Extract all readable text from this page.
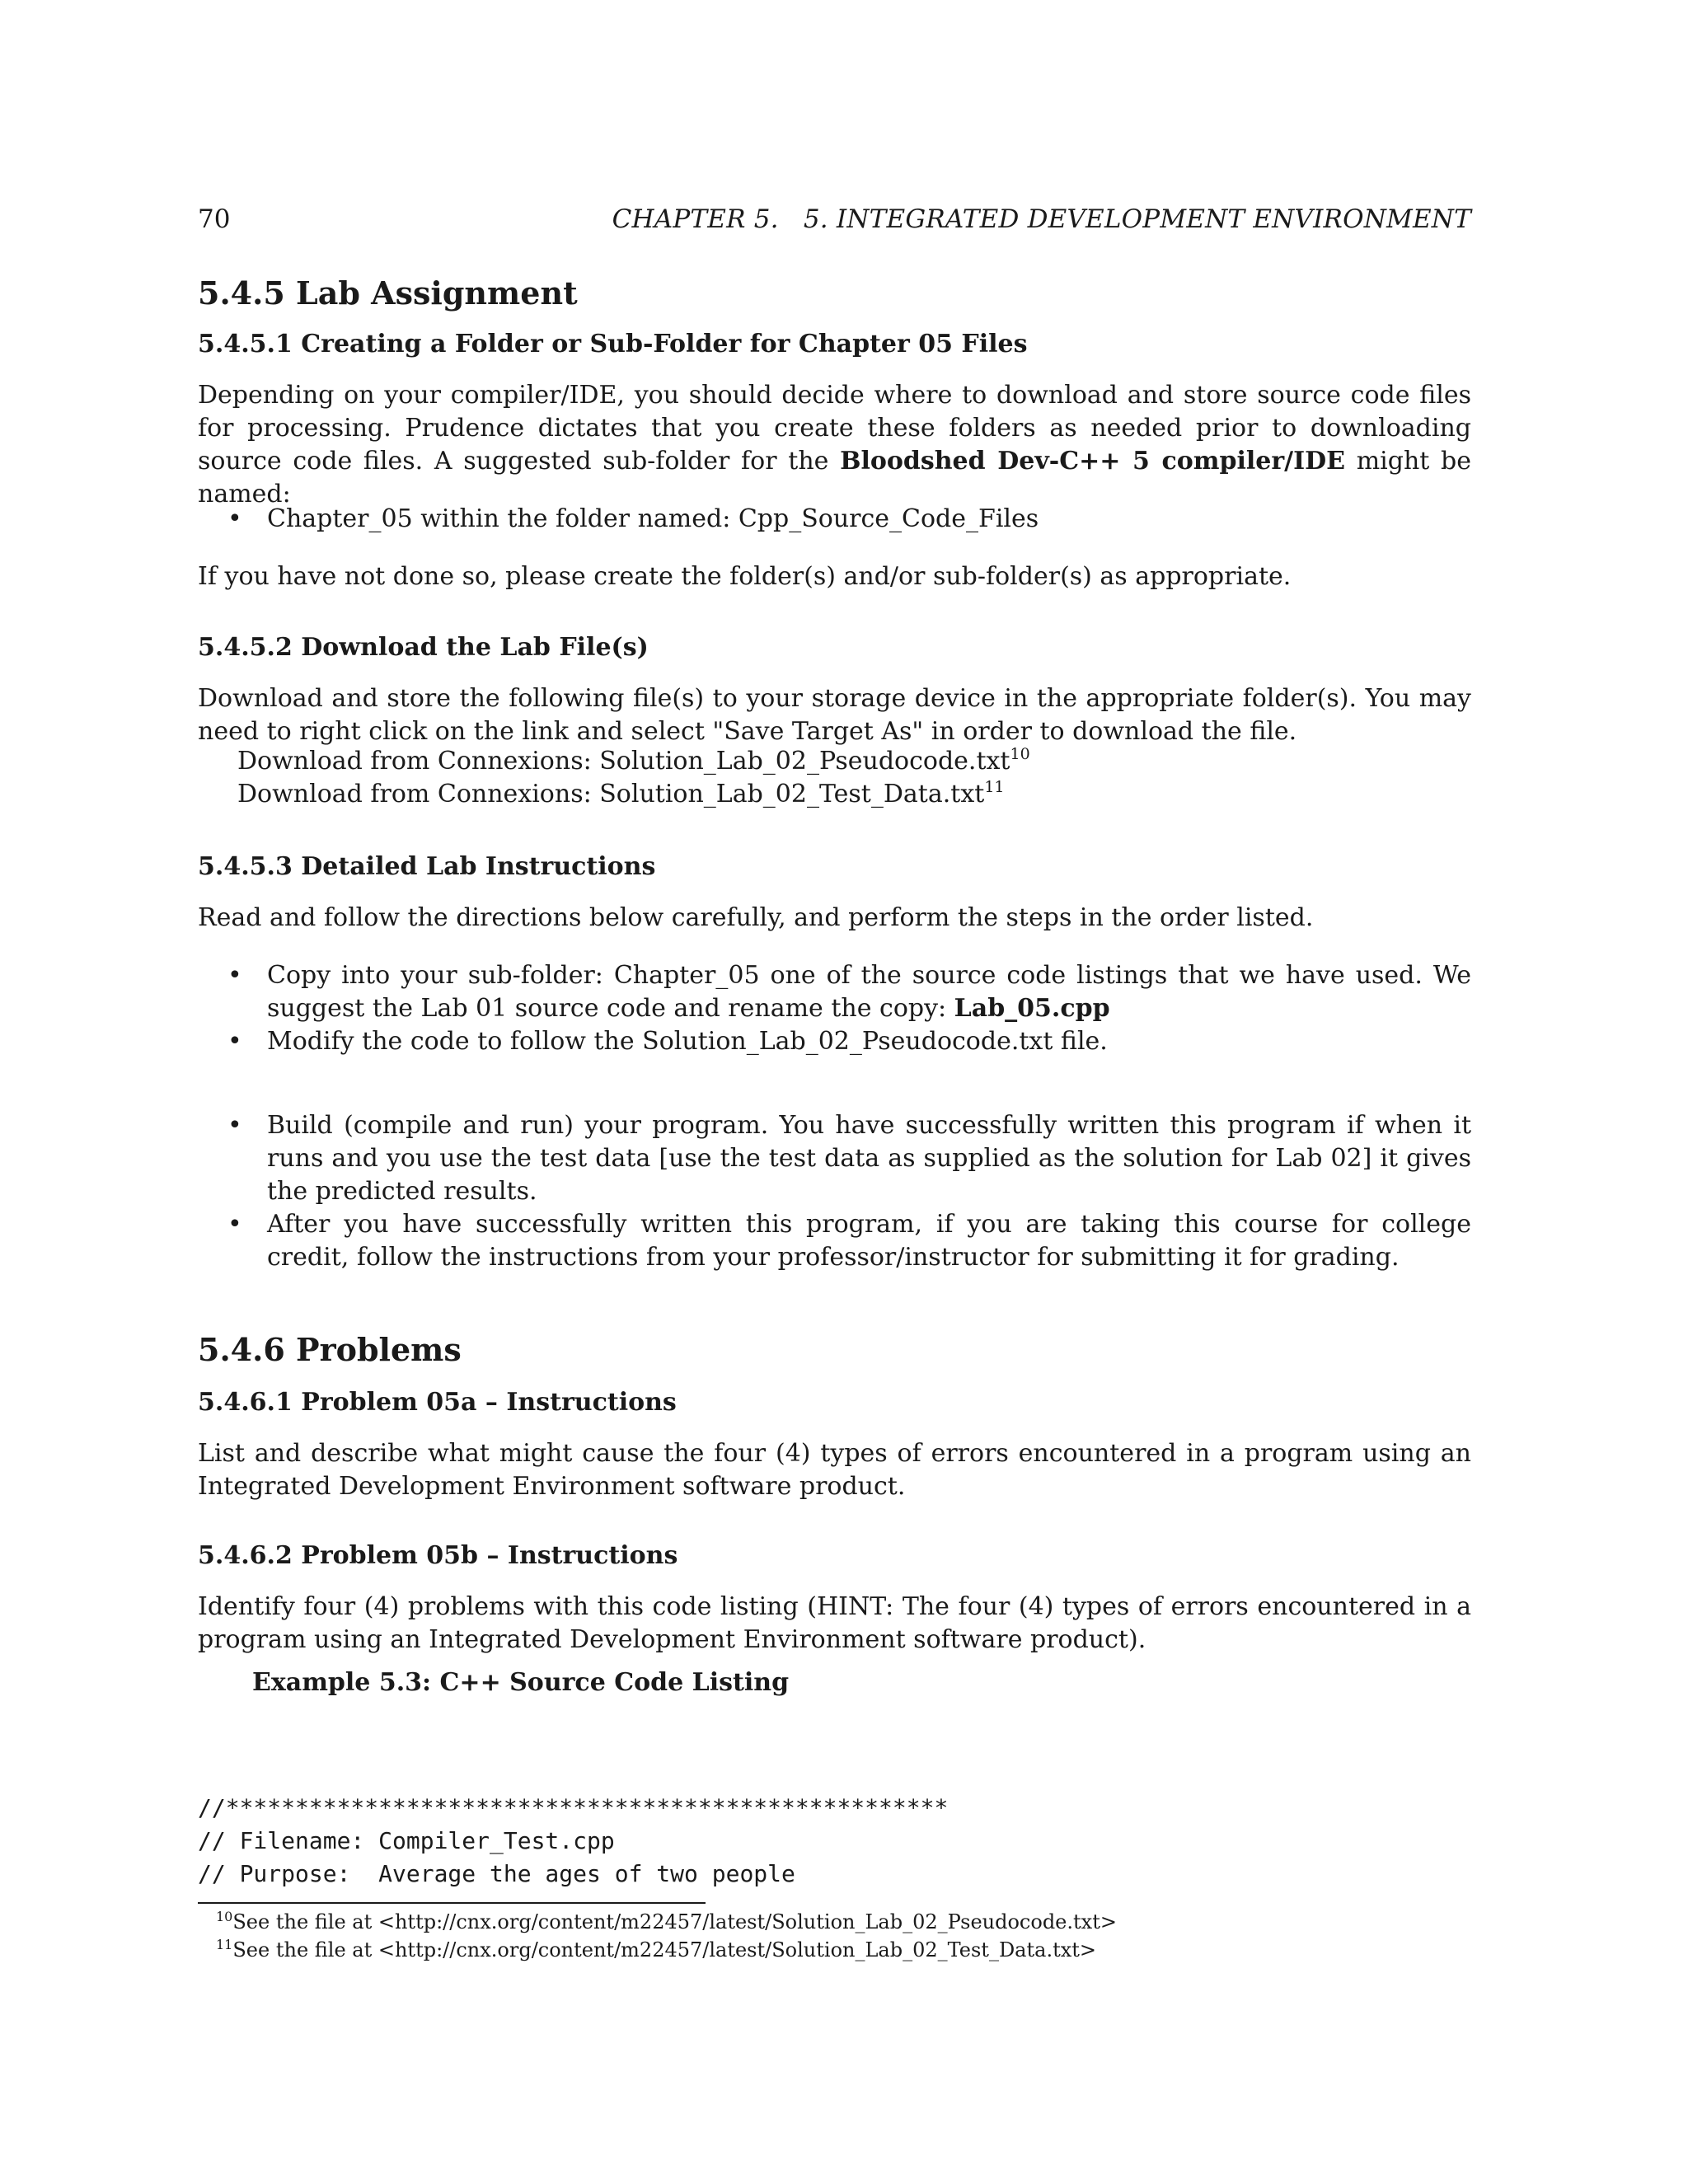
70	CHAPTER 5.   5. INTEGRATED DEVELOPMENT ENVIRONMENT
5.4.5 Lab Assignment
5.4.5.1 Creating a Folder or Sub-Folder for Chapter 05 Files
Depending on your compiler/IDE, you should decide where to download and store source code files for processing. Prudence dictates that you create these folders as needed prior to downloading source code files. A suggested sub-folder for the Bloodshed Dev-C++ 5 compiler/IDE might be named:
• Chapter_05 within the folder named: Cpp_Source_Code_Files
If you have not done so, please create the folder(s) and/or sub-folder(s) as appropriate.
5.4.5.2 Download the Lab File(s)
Download and store the following file(s) to your storage device in the appropriate folder(s). You may need to right click on the link and select "Save Target As" in order to download the file.
Download from Connexions: Solution_Lab_02_Pseudocode.txt$^{10}$
Download from Connexions: Solution_Lab_02_Test_Data.txt$^{11}$
5.4.5.3 Detailed Lab Instructions
Read and follow the directions below carefully, and perform the steps in the order listed.
• Copy into your sub-folder: Chapter_05 one of the source code listings that we have used. We suggest the Lab 01 source code and rename the copy: Lab_05.cpp
• Modify the code to follow the Solution_Lab_02_Pseudocode.txt file.
• Build (compile and run) your program. You have successfully written this program if when it runs and you use the test data [use the test data as supplied as the solution for Lab 02] it gives the predicted results.
• After you have successfully written this program, if you are taking this course for college credit, follow the instructions from your professor/instructor for submitting it for grading.
5.4.6 Problems
5.4.6.1 Problem 05a – Instructions
List and describe what might cause the four (4) types of errors encountered in a program using an Integrated Development Environment software product.
5.4.6.2 Problem 05b – Instructions
Identify four (4) problems with this code listing (HINT: The four (4) types of errors encountered in a program using an Integrated Development Environment software product).
Example 5.3: C++ Source Code Listing
//****************************************************
// Filename: Compiler_Test.cpp
// Purpose:  Average the ages of two people
$^{10}$See the file at <http://cnx.org/content/m22457/latest/Solution_Lab_02_Pseudocode.txt>
$^{11}$See the file at <http://cnx.org/content/m22457/latest/Solution_Lab_02_Test_Data.txt>
